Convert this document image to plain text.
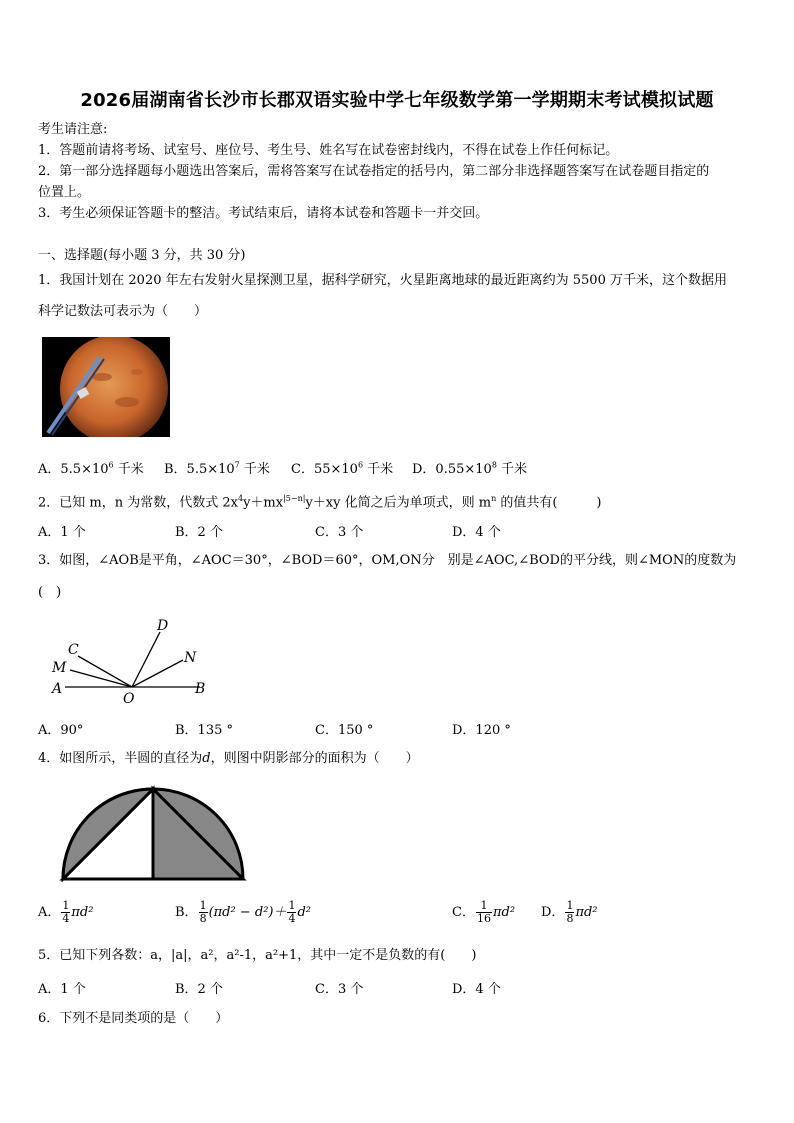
2026届湖南省长沙市长郡双语实验中学七年级数学第一学期期末考试模拟试题
考生请注意:
1．答题前请将考场、试室号、座位号、考生号、姓名写在试卷密封线内，不得在试卷上作任何标记。
2．第一部分选择题每小题选出答案后，需将答案写在试卷指定的括号内，第二部分非选择题答案写在试卷题目指定的
位置上。
3．考生必须保证答题卡的整洁。考试结束后，请将本试卷和答题卡一并交回。
一、选择题(每小题 3 分，共 30 分)
1．我国计划在 2020 年左右发射火星探测卫星，据科学研究，火星距离地球的最近距离约为 5500 万千米，这个数据用
科学记数法可表示为（　　）
A．$5.5\times 10^6$ 千米 B．$5.5\times 10^7$ 千米 C．$55\times 10^6$ 千米 D．$0.55\times 10^8$ 千米
2．已知 m，n 为常数，代数式 $2x^4y+mx^{|5-n|}y+xy$ 化简之后为单项式，则 $m^n$ 的值共有(　　　)
A．1 个	B．2 个	C．3 个	D．4 个
3．如图，∠AOB是平角，∠AOC＝30°，∠BOD＝60°，OM,ON分　别是∠AOC,∠BOD的平分线，则∠MON的度数为
(　)
A	B
C
D
M
N
O
A．90°	B．135 °	C．150 °	D．120 °
4．如图所示，半圆的直径为d，则图中阴影部分的面积为（　　）
A． $\frac{1}{4} \pi d^2$	B． $\frac{1}{8} (\pi d^2 - d^2)+ \frac{1}{4} d^2$	C． $\frac{1}{16} \pi d^2$ D． $\frac{1}{8} \pi d^2$
5．已知下列各数：a，|a|，a²，a²-1，a²+1，其中一定不是负数的有(　　)
A．1 个	B．2 个	C．3 个	D．4 个
6．下列不是同类项的是（　　）
